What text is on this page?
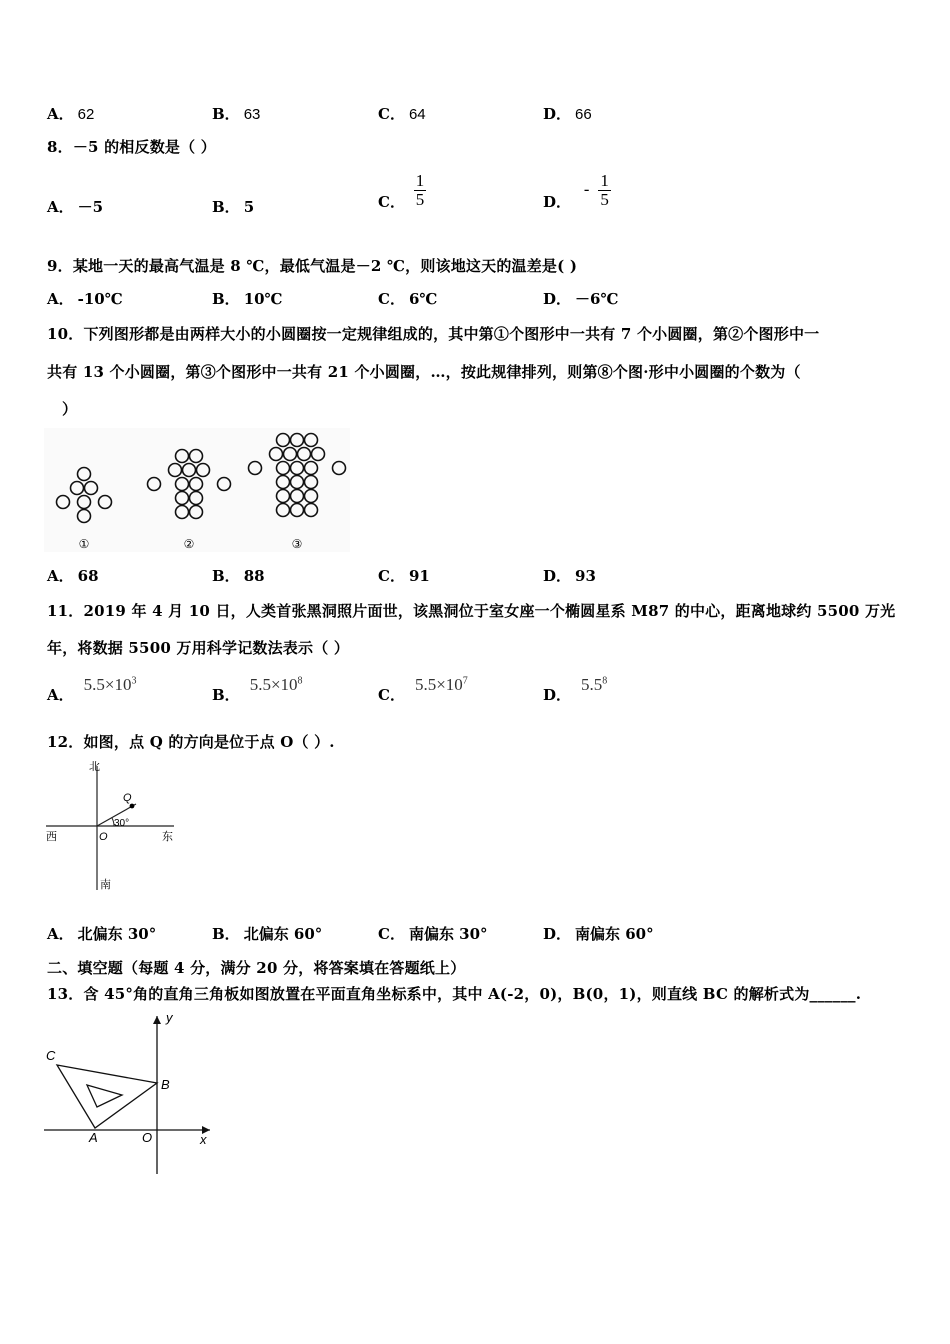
A． 62	B． 63	C． 64	D． 66
8．－5 的相反数是（ ）
A． －5	B． 5	C． $\frac{1}{5}$	D． - $\frac{1}{5}$
9．某地一天的最高气温是 8 ℃，最低气温是－2 ℃，则该地这天的温差是( )
A． -10℃	B． 10℃	C． 6℃	D． －6℃
10．下列图形都是由两样大小的小圆圈按一定规律组成的，其中第①个图形中一共有 7 个小圆圈，第②个图形中一
共有 13 个小圆圈，第③个图形中一共有 21 个小圆圈，…，按此规律排列，则第⑧个图·形中小圆圈的个数为（
）
①	②	③
A． 68	B． 88	C． 91	D． 93
11．2019 年 4 月 10 日，人类首张黑洞照片面世，该黑洞位于室女座一个椭圆星系 M87 的中心，距离地球约 5500 万光
年，将数据 5500 万用科学记数法表示（ ）
A．$5.5\times 10^3$
B．$5.5\times 10^8$
C．$5.5\times 10^7$
D．$5.5^8$
12．如图，点 Q 的方向是位于点 O（ ）.
北
南
西	东
O
Q
30°
A． 北偏东 30°	B． 北偏东 60°	C． 南偏东 30°	D． 南偏东 60°
二、填空题（每题 4 分，满分 20 分，将答案填在答题纸上）
13．含 45°角的直角三角板如图放置在平面直角坐标系中，其中 A(-2，0)，B(0，1)，则直线 BC 的解析式为______.
C
B
A	O	x
y
